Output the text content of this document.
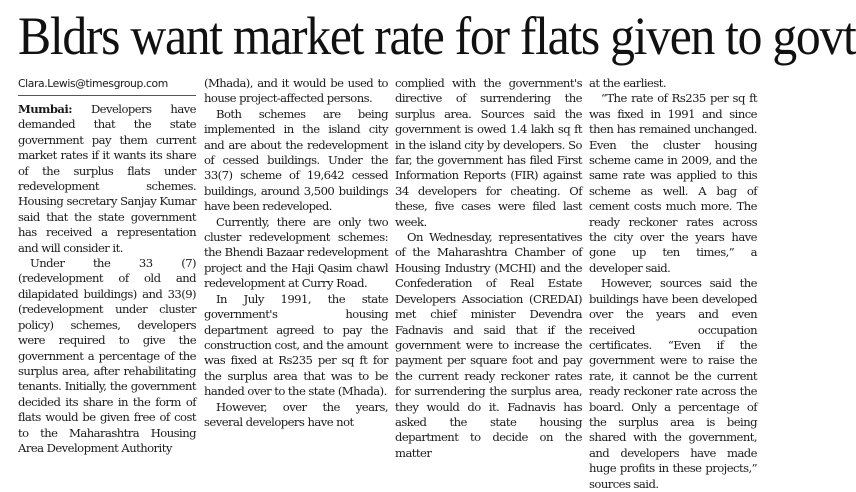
Bldrs want market rate for flats given to govt
Clara.Lewis@timesgroup.com

Mumbai: Developers have demanded that the state government pay them current market rates if it wants its share of the surplus flats under redevelopment schemes. Housing secretary Sanjay Kumar said that the state government has received a representation and will consider it.

Under the 33 (7) (redevelopment of old and dilapidated buildings) and 33(9) (redevelopment under cluster policy) schemes, developers were required to give the government a percentage of the surplus area, after rehabilitating tenants. Initially, the government decided its share in the form of flats would be given free of cost to the Maharashtra Housing Area Development Authority

(Mhada), and it would be used to house project-affected persons.

Both schemes are being implemented in the island city and are about the redevelopment of cessed buildings. Under the 33(7) scheme of 19,642 cessed buildings, around 3,500 buildings have been redeveloped.

Currently, there are only two cluster redevelopment schemes: the Bhendi Bazaar redevelopment project and the Haji Qasim chawl redevelopment at Curry Road.

In July 1991, the state government's housing department agreed to pay the construction cost, and the amount was fixed at Rs235 per sq ft for the surplus area that was to be handed over to the state (Mhada).

However, over the years, several developers have not

complied with the government's directive of surrendering the surplus area. Sources said the government is owed 1.4 lakh sq ft in the island city by developers. So far, the government has filed First Information Reports (FIR) against 34 developers for cheating. Of these, five cases were filed last week.

On Wednesday, representatives of the Maharashtra Chamber of Housing Industry (MCHI) and the Confederation of Real Estate Developers Association (CREDAI) met chief minister Devendra Fadnavis and said that if the government were to increase the payment per square foot and pay the current ready reckoner rates for surrendering the surplus area, they would do it. Fadnavis has asked the state housing department to decide on the matter

at the earliest.

“The rate of Rs235 per sq ft was fixed in 1991 and since then has remained unchanged. Even the cluster housing scheme came in 2009, and the same rate was applied to this scheme as well. A bag of cement costs much more. The ready reckoner rates across the city over the years have gone up ten times,” a developer said.

However, sources said the buildings have been developed over the years and even received occupation certificates. “Even if the government were to raise the rate, it cannot be the current ready reckoner rate across the board. Only a percentage of the surplus area is being shared with the government, and developers have made huge profits in these projects,” sources said.
